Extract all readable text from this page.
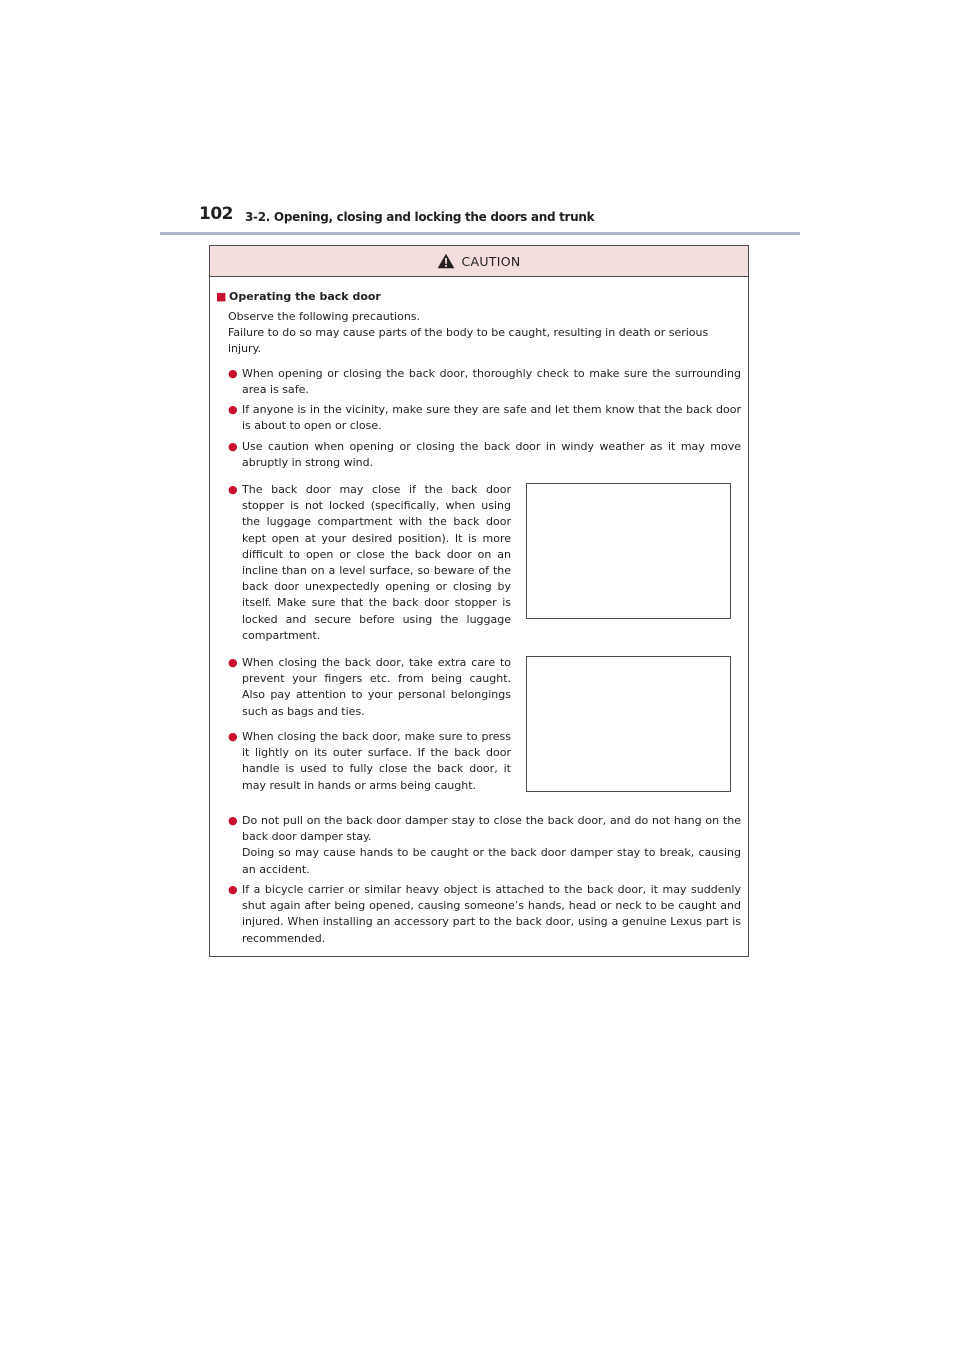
102 3-2. Opening, closing and locking the doors and trunk
CAUTION
■ Operating the back door
Observe the following precautions.
Failure to do so may cause parts of the body to be caught, resulting in death or serious injury.
● When opening or closing the back door, thoroughly check to make sure the surrounding area is safe.
● If anyone is in the vicinity, make sure they are safe and let them know that the back door is about to open or close.
● Use caution when opening or closing the back door in windy weather as it may move abruptly in strong wind.
● The back door may close if the back door stopper is not locked (specifically, when using the luggage compartment with the back door kept open at your desired position). It is more difficult to open or close the back door on an incline than on a level surface, so beware of the back door unexpectedly opening or closing by itself. Make sure that the back door stopper is locked and secure before using the luggage compartment.
● When closing the back door, take extra care to prevent your fingers etc. from being caught. Also pay attention to your personal belongings such as bags and ties.
● When closing the back door, make sure to press it lightly on its outer surface. If the back door handle is used to fully close the back door, it may result in hands or arms being caught.
● Do not pull on the back door damper stay to close the back door, and do not hang on the back door damper stay.
Doing so may cause hands to be caught or the back door damper stay to break, causing an accident.
● If a bicycle carrier or similar heavy object is attached to the back door, it may suddenly shut again after being opened, causing someone’s hands, head or neck to be caught and injured. When installing an accessory part to the back door, using a genuine Lexus part is recommended.
